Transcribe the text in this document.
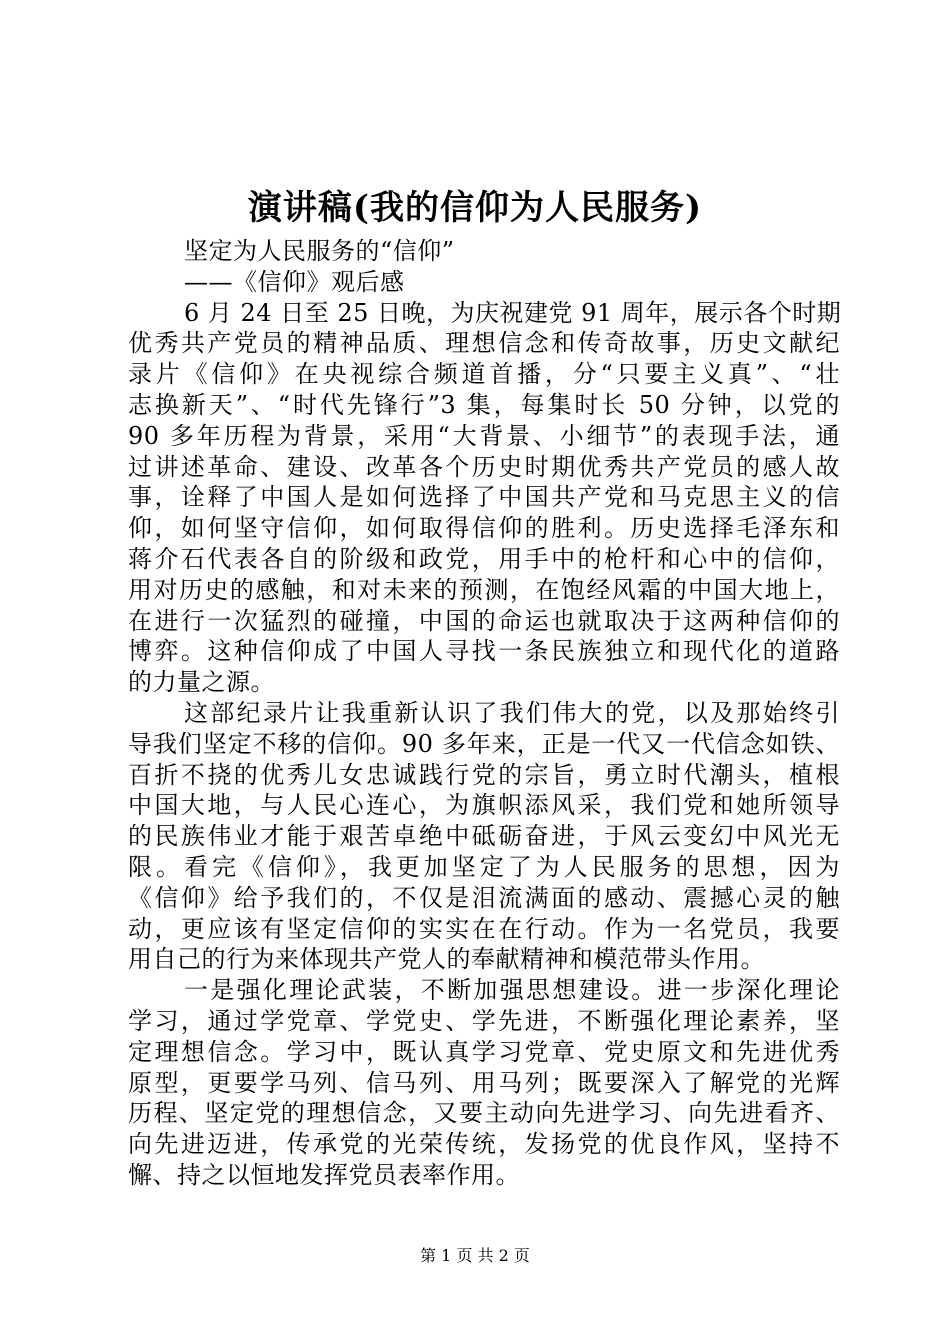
演讲稿(我的信仰为人民服务)
坚定为人民服务的“信仰”
——《信仰》观后感
6 月 24 日至 25 日晚，为庆祝建党 91 周年，展示各个时期
优秀共产党员的精神品质、理想信念和传奇故事，历史文献纪
录片《信仰》在央视综合频道首播，分“只要主义真”、“壮
志换新天”、“时代先锋行”3 集，每集时长 50 分钟，以党的
90 多年历程为背景，采用“大背景、小细节”的表现手法，通
过讲述革命、建设、改革各个历史时期优秀共产党员的感人故
事，诠释了中国人是如何选择了中国共产党和马克思主义的信
仰，如何坚守信仰，如何取得信仰的胜利。历史选择毛泽东和
蒋介石代表各自的阶级和政党，用手中的枪杆和心中的信仰，
用对历史的感触，和对未来的预测，在饱经风霜的中国大地上，
在进行一次猛烈的碰撞，中国的命运也就取决于这两种信仰的
博弈。这种信仰成了中国人寻找一条民族独立和现代化的道路
的力量之源。
这部纪录片让我重新认识了我们伟大的党，以及那始终引
导我们坚定不移的信仰。90 多年来，正是一代又一代信念如铁、
百折不挠的优秀儿女忠诚践行党的宗旨，勇立时代潮头，植根
中国大地，与人民心连心，为旗帜添风采，我们党和她所领导
的民族伟业才能于艰苦卓绝中砥砺奋进，于风云变幻中风光无
限。看完《信仰》，我更加坚定了为人民服务的思想，因为
《信仰》给予我们的，不仅是泪流满面的感动、震撼心灵的触
动，更应该有坚定信仰的实实在在行动。作为一名党员，我要
用自己的行为来体现共产党人的奉献精神和模范带头作用。
一是强化理论武装，不断加强思想建设。进一步深化理论
学习，通过学党章、学党史、学先进，不断强化理论素养，坚
定理想信念。学习中，既认真学习党章、党史原文和先进优秀
原型，更要学马列、信马列、用马列；既要深入了解党的光辉
历程、坚定党的理想信念，又要主动向先进学习、向先进看齐、
向先进迈进，传承党的光荣传统，发扬党的优良作风，坚持不
懈、持之以恒地发挥党员表率作用。
第 1 页 共 2 页
